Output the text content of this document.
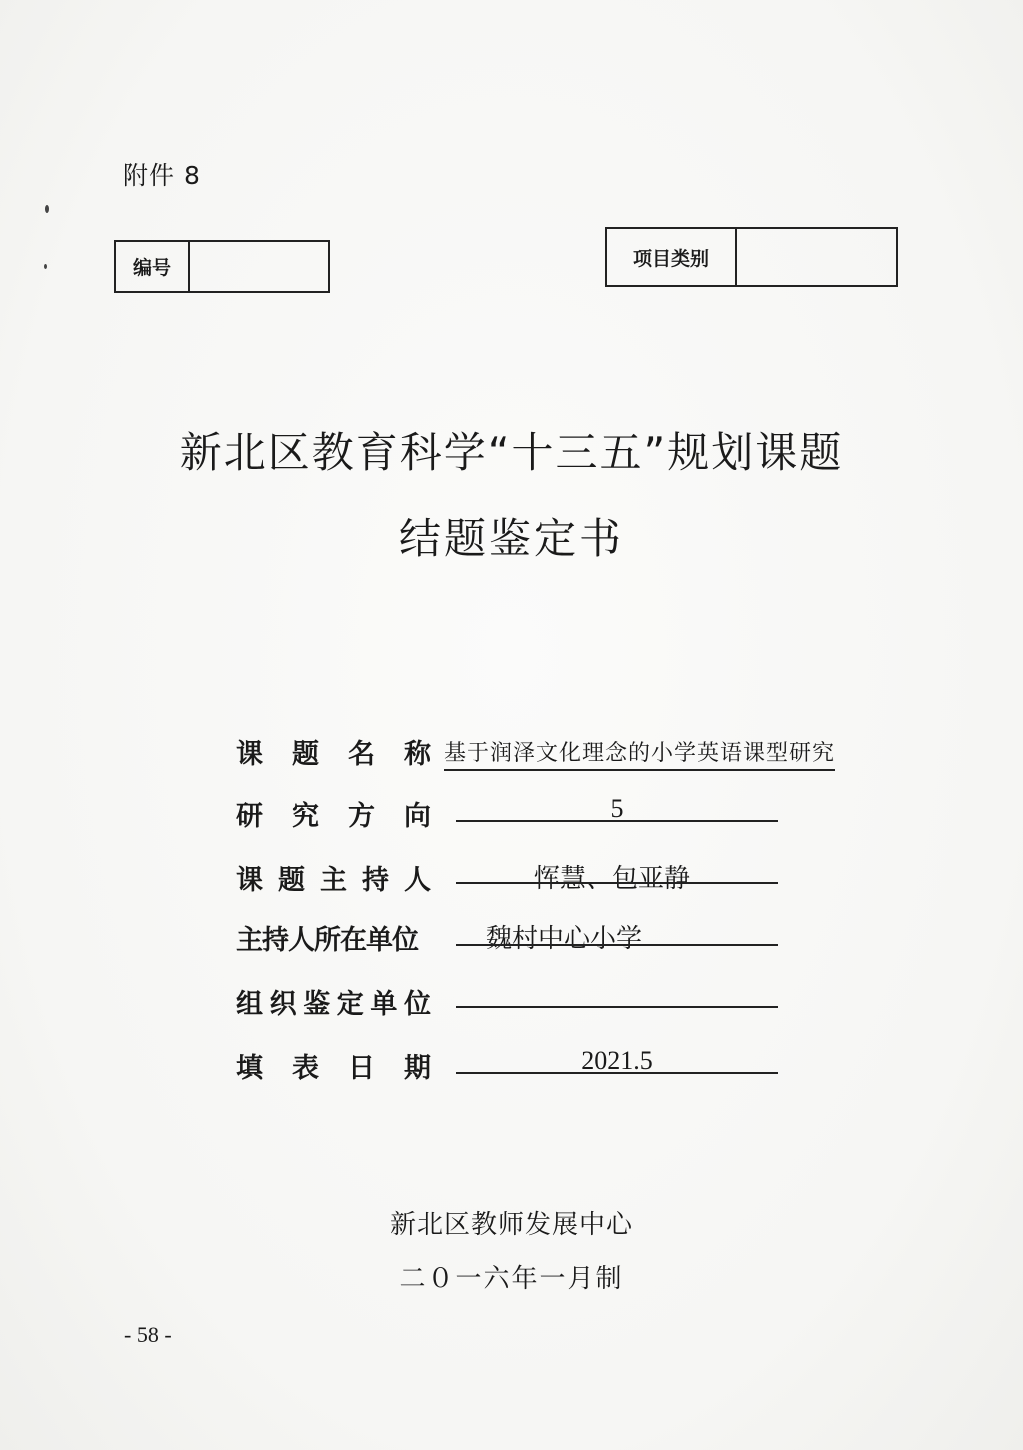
附件 8
编号	项目类别
新北区教育科学“十三五”规划课题
结题鉴定书
课 题 名 称 基于润泽文化理念的小学英语课型研究
研 究 方 向	5
课 题 主 持 人	恽慧、包亚静
主持人所在单位	魏村中心小学
组 织 鉴 定 单 位
填 表 日 期	2021.5
新北区教师发展中心
二０一六年一月制
- 58 -
